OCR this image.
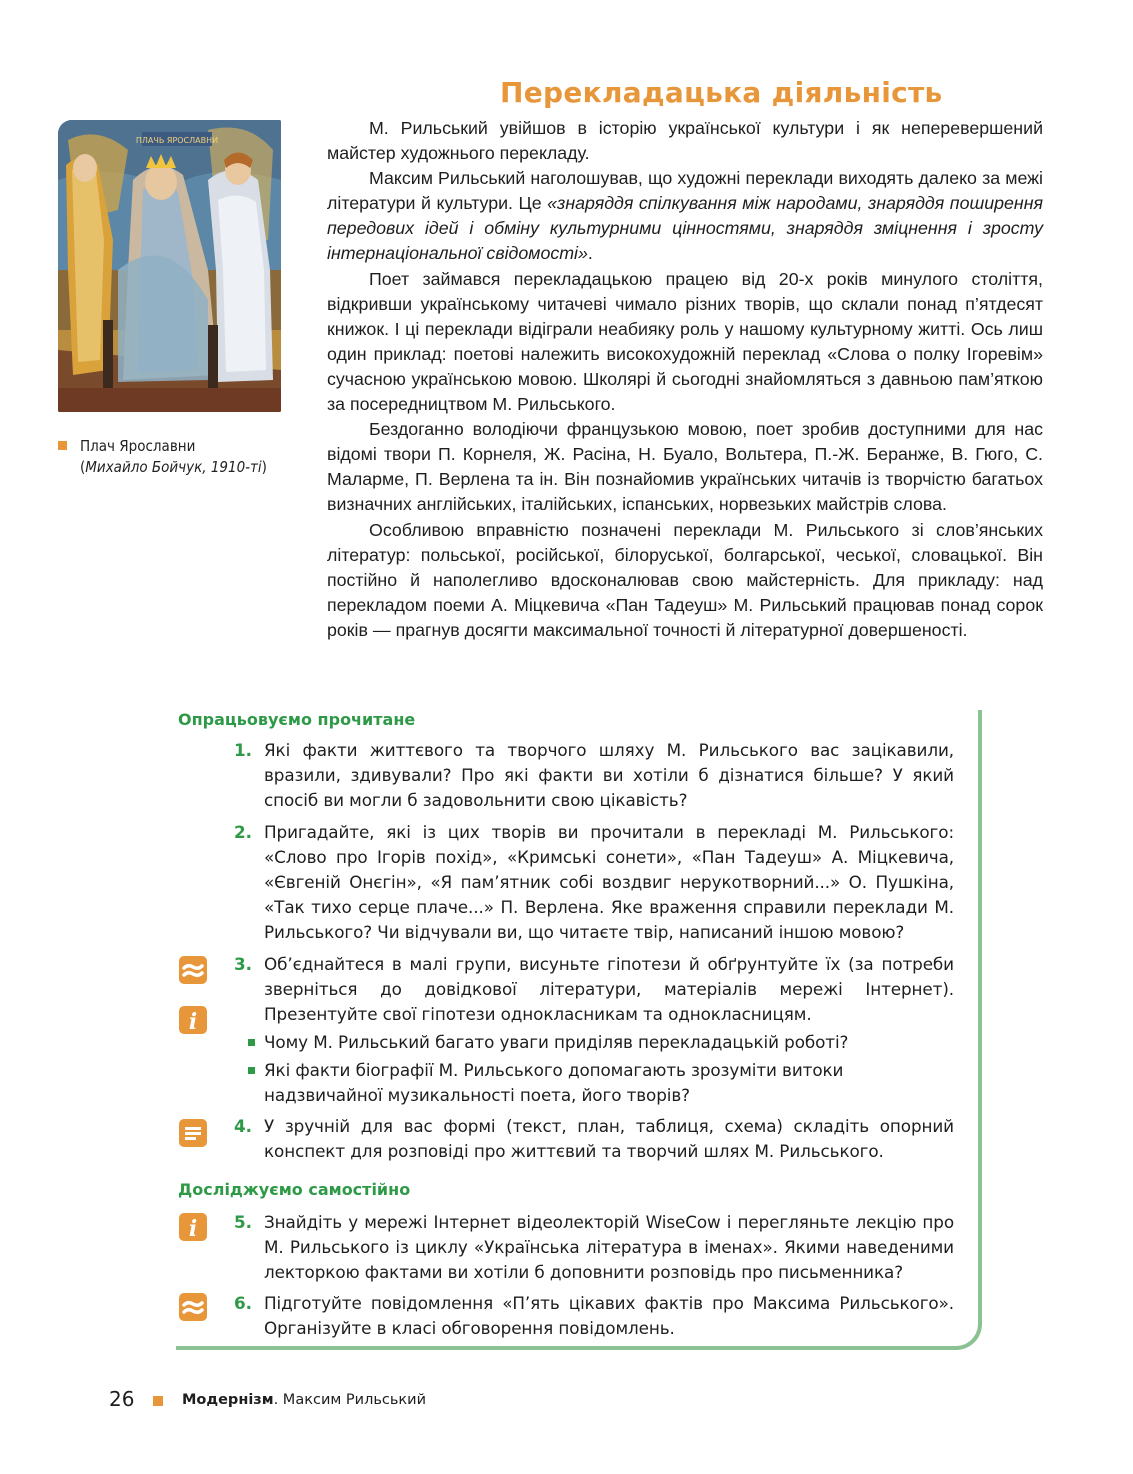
Перекладацька діяльність
ПЛАЧЬ ЯРОСЛАВНИ
Плач Ярославни
(Михайло Бойчук, 1910-ті)

М. Рильський увійшов в історію української культури і як неперевершений майстер художнього перекладу.

Максим Рильський наголошував, що художні переклади виходять далеко за межі літератури й культури. Це «знаряддя спілкування між народами, знаряддя поширення передових ідей і обміну культурними цінностями, знаряддя зміцнення і зросту інтернаціональної свідомості».

Поет займався перекладацькою працею від 20-х років минулого століття, відкривши українському читачеві чимало різних творів, що склали понад п’ятдесят книжок. І ці переклади відіграли неабияку роль у нашому культурному житті. Ось лиш один приклад: поетові належить високохудожній переклад «Слова о полку Ігоревім» сучасною українською мовою. Школярі й сьогодні знайомляться з давньою пам’яткою за посередництвом М. Рильського.

Бездоганно володіючи французькою мовою, поет зробив доступними для нас відомі твори П. Корнеля, Ж. Расіна, Н. Буало, Вольтера, П.-Ж. Беранже, В. Гюго, С. Маларме, П. Верлена та ін. Він познайомив українських читачів із творчістю багатьох визначних англійських, італійських, іспанських, норвезьких майстрів слова.

Особливою вправністю позначені переклади М. Рильського зі слов’янських літератур: польської, російської, білоруської, болгарської, чеської, словацької. Він постійно й наполегливо вдосконалював свою майстерність. Для прикладу: над перекладом поеми А. Міцкевича «Пан Тадеуш» М. Рильський працював понад сорок років — прагнув досягти максимальної точності й літературної довершеності.

Опрацьовуємо прочитане
1. Які факти життєвого та творчого шляху М. Рильського вас зацікавили, вразили, здивували? Про які факти ви хотіли б дізнатися більше? У який спосіб ви могли б задовольнити свою цікавість?
2. Пригадайте, які із цих творів ви прочитали в перекладі М. Рильського: «Слово про Ігорів похід», «Кримські сонети», «Пан Тадеуш» А. Міцкевича, «Євгеній Онєгін», «Я пам’ятник собі воздвиг нерукотворний...» О. Пушкіна, «Так тихо серце плаче...» П. Верлена. Яке враження справили переклади М. Рильського? Чи відчували ви, що читаєте твір, написаний іншою мовою?
i
3. Об’єднайтеся в малі групи, висуньте гіпотези й обґрунтуйте їх (за потреби зверніться до довідкової літератури, матеріалів мережі Інтернет). Презентуйте свої гіпотези однокласникам та однокласницям.
Чому М. Рильський багато уваги приділяв перекладацькій роботі?
Які факти біографії М. Рильського допомагають зрозуміти витоки надзвичайної музикальності поета, його творів?
4. У зручній для вас формі (текст, план, таблиця, схема) складіть опорний конспект для розповіді про життєвий та творчий шлях М. Рильського.
Досліджуємо самостійно
i 5. Знайдіть у мережі Інтернет відеолекторій WiseCow і перегляньте лекцію про М. Рильського із циклу «Українська література в іменах». Якими наведеними лекторкою фактами ви хотіли б доповнити розповідь про письменника?
6. Підготуйте повідомлення «П’ять цікавих фактів про Максима Рильського». Організуйте в класі обговорення повідомлень.
26	Модернізм. Максим Рильський
